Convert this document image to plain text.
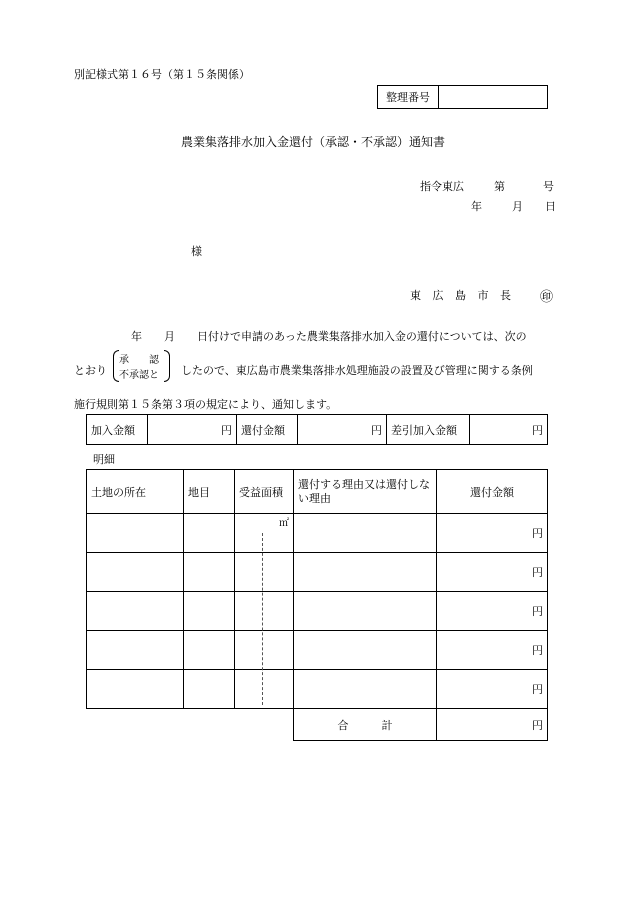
別記様式第１６号（第１５条関係）
整理番号	
農業集落排水加入金還付（承認・不承認）通知書
指令東広	第	号
年	月 日
様
東 広 島 市 長 ㊞
年　　月　　日付けで申請のあった農業集落排水加入金の還付については、次の
とおり
承　　認
不承認と したので、東広島市農業集落排水処理施設の設置及び管理に関する条例
施行規則第１５条第３項の規定により、通知します。
加入金額	円	還付金額	円	差引加入金額	円
明細
土地の所在	地目	受益面積	還付する理由又は還付しない理由	還付金額
		㎡		円
				円
				円
				円
				円
			合　　　計	円
